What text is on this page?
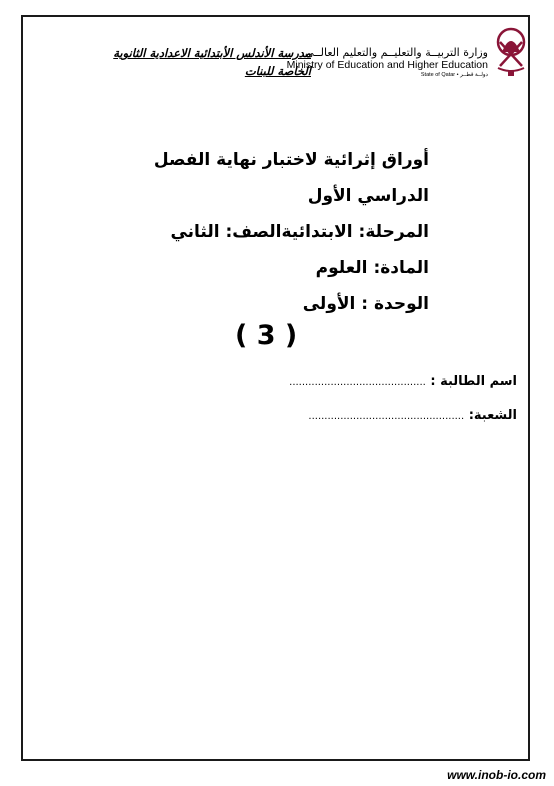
وزارة التربيــة والتعليــم والتعليم العالــي
Ministry of Education and Higher Education
State of Qatar • دولــة قطــر
مدرسة الأندلس الأبتدائية الاعدادية الثانوية
الخاصة للبنات
أوراق إثرائية لاختبار نهاية الفصل
الدراسي الأول
المرحلة: الابتدائيةالصف: الثاني
المادة: العلوم
الوحدة : الأولى
( 3 )
اسم الطالبة : ...........................................
الشعبة: .................................................
www.inob-io.com
